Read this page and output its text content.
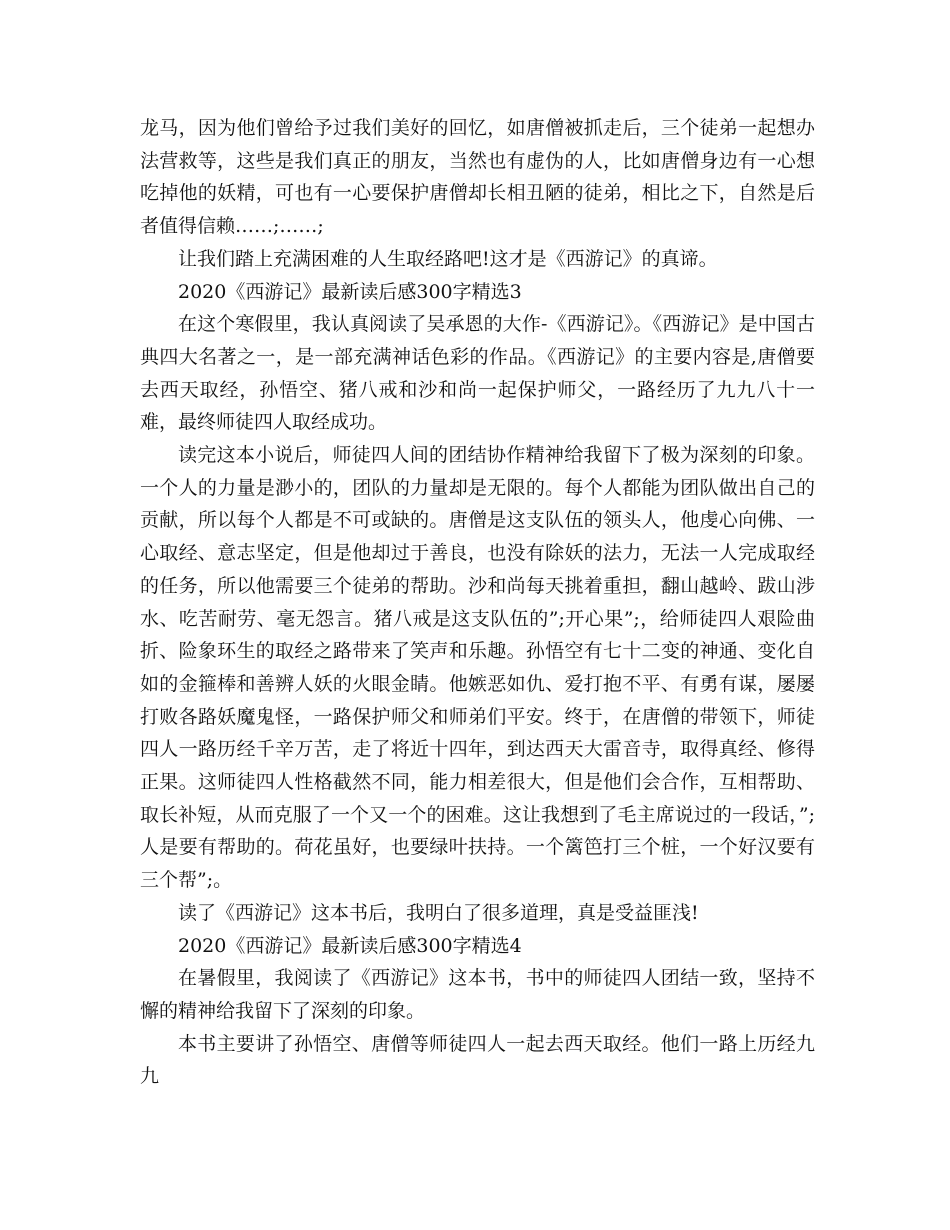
龙马，因为他们曾给予过我们美好的回忆，如唐僧被抓走后，三个徒弟一起想办法营救等，这些是我们真正的朋友，当然也有虚伪的人，比如唐僧身边有一心想吃掉他的妖精，可也有一心要保护唐僧却长相丑陋的徒弟，相比之下，自然是后者值得信赖……;……;

让我们踏上充满困难的人生取经路吧!这才是《西游记》的真谛。

2020《西游记》最新读后感300字精选3

在这个寒假里，我认真阅读了吴承恩的大作-《西游记》。《西游记》是中国古典四大名著之一，是一部充满神话色彩的作品。《西游记》的主要内容是,唐僧要去西天取经，孙悟空、猪八戒和沙和尚一起保护师父，一路经历了九九八十一难，最终师徒四人取经成功。

读完这本小说后，师徒四人间的团结协作精神给我留下了极为深刻的印象。一个人的力量是渺小的，团队的力量却是无限的。每个人都能为团队做出自己的贡献，所以每个人都是不可或缺的。唐僧是这支队伍的领头人，他虔心向佛、一心取经、意志坚定，但是他却过于善良，也没有除妖的法力，无法一人完成取经的任务，所以他需要三个徒弟的帮助。沙和尚每天挑着重担，翻山越岭、跋山涉水、吃苦耐劳、毫无怨言。猪八戒是这支队伍的”;开心果”;，给师徒四人艰险曲折、险象环生的取经之路带来了笑声和乐趣。孙悟空有七十二变的神通、变化自如的金箍棒和善辨人妖的火眼金睛。他嫉恶如仇、爱打抱不平、有勇有谋，屡屡打败各路妖魔鬼怪，一路保护师父和师弟们平安。终于，在唐僧的带领下，师徒四人一路历经千辛万苦，走了将近十四年，到达西天大雷音寺，取得真经、修得正果。这师徒四人性格截然不同，能力相差很大，但是他们会合作，互相帮助、取长补短，从而克服了一个又一个的困难。这让我想到了毛主席说过的一段话，”;人是要有帮助的。荷花虽好，也要绿叶扶持。一个篱笆打三个桩，一个好汉要有三个帮”;。

读了《西游记》这本书后，我明白了很多道理，真是受益匪浅!

2020《西游记》最新读后感300字精选4

在暑假里，我阅读了《西游记》这本书，书中的师徒四人团结一致，坚持不懈的精神给我留下了深刻的印象。

本书主要讲了孙悟空、唐僧等师徒四人一起去西天取经。他们一路上历经九九
